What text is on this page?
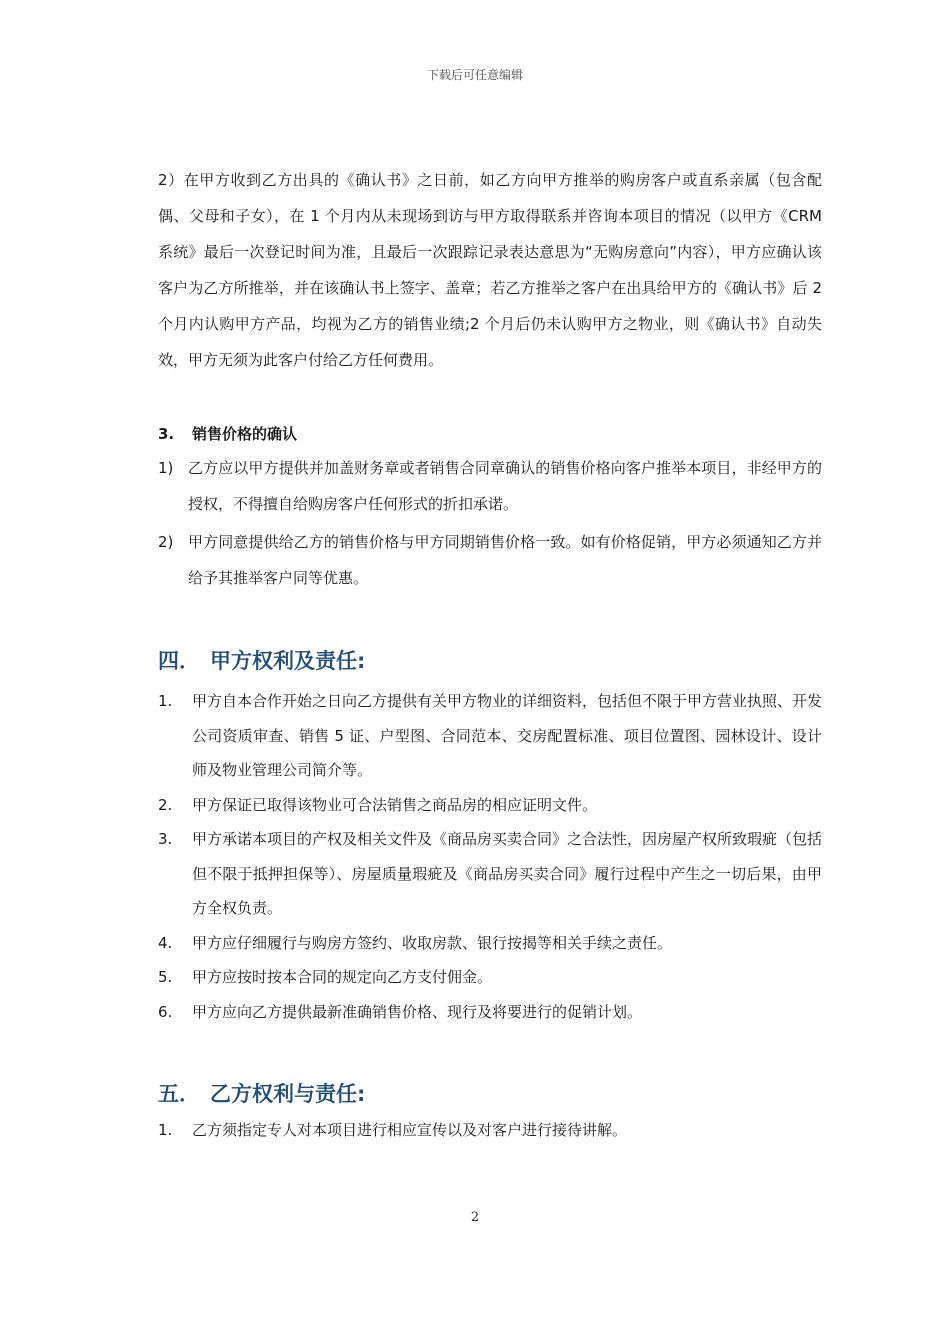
下载后可任意编辑

2）在甲方收到乙方出具的《确认书》之日前，如乙方向甲方推举的购房客户或直系亲属（包含配偶、父母和子女），在 1 个月内从未现场到访与甲方取得联系并咨询本项目的情况（以甲方《CRM 系统》最后一次登记时间为准，且最后一次跟踪记录表达意思为“无购房意向”内容），甲方应确认该客户为乙方所推举，并在该确认书上签字、盖章；若乙方推举之客户在出具给甲方的《确认书》后 2 个月内认购甲方产品，均视为乙方的销售业绩;2 个月后仍未认购甲方之物业，则《确认书》自动失效，甲方无须为此客户付给乙方任何费用。

3. 销售价格的确认
1) 乙方应以甲方提供并加盖财务章或者销售合同章确认的销售价格向客户推举本项目，非经甲方的授权，不得擅自给购房客户任何形式的折扣承诺。
2) 甲方同意提供给乙方的销售价格与甲方同期销售价格一致。如有价格促销，甲方必须通知乙方并给予其推举客户同等优惠。
四． 甲方权利及责任:
1. 甲方自本合作开始之日向乙方提供有关甲方物业的详细资料，包括但不限于甲方营业执照、开发公司资质审查、销售 5 证、户型图、合同范本、交房配置标准、项目位置图、园林设计、设计师及物业管理公司简介等。
2. 甲方保证已取得该物业可合法销售之商品房的相应证明文件。
3. 甲方承诺本项目的产权及相关文件及《商品房买卖合同》之合法性，因房屋产权所致瑕疵（包括但不限于抵押担保等）、房屋质量瑕疵及《商品房买卖合同》履行过程中产生之一切后果，由甲方全权负责。
4. 甲方应仔细履行与购房方签约、收取房款、银行按揭等相关手续之责任。
5. 甲方应按时按本合同的规定向乙方支付佣金。
6. 甲方应向乙方提供最新准确销售价格、现行及将要进行的促销计划。
五． 乙方权利与责任:
1. 乙方须指定专人对本项目进行相应宣传以及对客户进行接待讲解。
2
